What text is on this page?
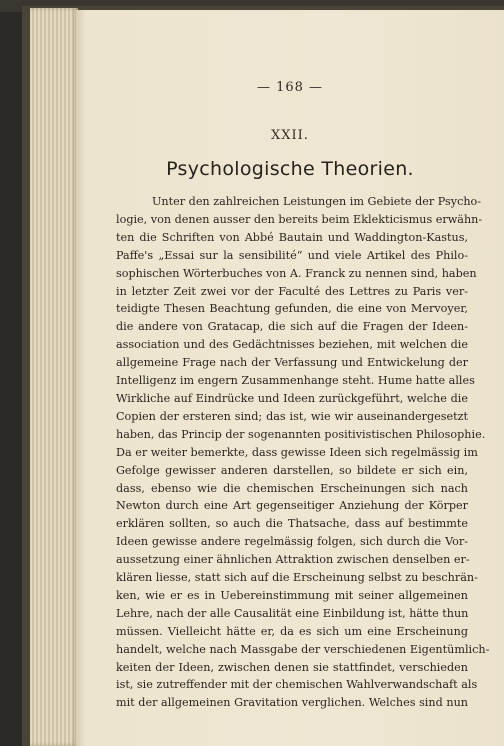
— 168 —
XXII.
Psychologische Theorien.
Unter den zahlreichen Leistungen im Gebiete der Psycho-
logie, von denen ausser den bereits beim Eklekticismus erwähn-
ten die Schriften von Abbé Bautain und Waddington-Kastus,
Paffe's „Essai sur la sensibilité“ und viele Artikel des Philo-
sophischen Wörterbuches von A. Franck zu nennen sind, haben
in letzter Zeit zwei vor der Faculté des Lettres zu Paris ver-
teidigte Thesen Beachtung gefunden, die eine von Mervoyer,
die andere von Gratacap, die sich auf die Fragen der Ideen-
association und des Gedächtnisses beziehen, mit welchen die
allgemeine Frage nach der Verfassung und Entwickelung der
Intelligenz im engern Zusammenhange steht. Hume hatte alles
Wirkliche auf Eindrücke und Ideen zurückgeführt, welche die
Copien der ersteren sind; das ist, wie wir auseinandergesetzt
haben, das Princip der sogenannten positivistischen Philosophie.
Da er weiter bemerkte, dass gewisse Ideen sich regelmässig im
Gefolge gewisser anderen darstellen, so bildete er sich ein,
dass, ebenso wie die chemischen Erscheinungen sich nach
Newton durch eine Art gegenseitiger Anziehung der Körper
erklären sollten, so auch die Thatsache, dass auf bestimmte
Ideen gewisse andere regelmässig folgen, sich durch die Vor-
aussetzung einer ähnlichen Attraktion zwischen denselben er-
klären liesse, statt sich auf die Erscheinung selbst zu beschrän-
ken, wie er es in Uebereinstimmung mit seiner allgemeinen
Lehre, nach der alle Causalität eine Einbildung ist, hätte thun
müssen. Vielleicht hätte er, da es sich um eine Erscheinung
handelt, welche nach Massgabe der verschiedenen Eigentümlich-
keiten der Ideen, zwischen denen sie stattfindet, verschieden
ist, sie zutreffender mit der chemischen Wahlverwandschaft als
mit der allgemeinen Gravitation verglichen. Welches sind nun
